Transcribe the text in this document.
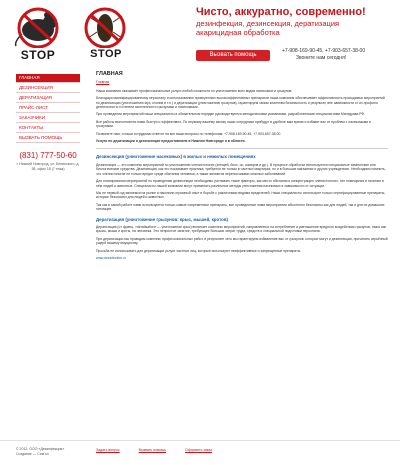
STOP	STOP
Чисто, аккуратно, современно!
дезинфекция, дезинсекция, дератизация
акарицидная обработка
Вызвать помощь
+7-908-169-90-45, +7-903-657-38-00
Звоните нам сегодня!
ГЛАВНАЯ
ДЕЗИНСЕКЦИЯ
ДЕРАТИЗАЦИЯ
ПРАЙС-ЛИСТ
ЗАКАЗЧИКИ
КОНТАКТЫ
ВЫЗВАТЬ ПОМОЩЬ
(831) 777-50-60
г. Нижний Новгород, ул. Белинского, д. 38, офис 18 (7 этаж)
ГЛАВНАЯ
Главная

Наша компания оказывает профессиональные услуги любой сложности по уничтожению всех видов насекомых и грызунов.

Благодаря квалифицированному персоналу и использованию проверенных высокоэффективных препаратов наша компания обеспечивает эффективность проводимых мероприятий по дезинсекции (уничтожению мух, клопов и т.п.) и дератизации (уничтожению грызунов), гарантируем своим клиентам безопасность и результат, вне зависимости от их профиля деятельности и степени заселенности грызунами и насекомыми.

При проведении мероприятий наши специалисты в обязательном порядке руководствуются методическими указаниями, разработанными специалистами Минздрава РФ.

Все работы выполняются нами быстро и эффективно. По первому вашему звонку наши сотрудники прибудут в удобное вам время и избавят вас от проблем с насекомыми и грызунами.

Позвоните нам, и наши сотрудники ответят на все ваши вопросы по телефонам: +7-908-169-90-45, +7-903-657-38-00

Услуги по дератизации и дезинсекции предоставляем в Нижнем Новгороде и в области.

Дезинсекция (уничтожение насекомых) в жилых и нежилых помещениях

Дезинсекция — это комплекс мероприятий по уничтожению членистоногих (клещей, блох, ос, комаров и др.). В процессе обработки используются специальные химические или биологические средства. Дезинсекция, как это показывает практика, требуется не только в частных квартирах, но и в больших магазинах и других учреждениях. Необходимо помнить, что членистоногие не только вредят среде обитания человека, а также являются переносчиками опасных заболеваний.

Для планирования мероприятий по проведению дезинсекции необходимо учитывать такие факторы, как место обитания и концентрацию членистоногих, тип помещения и наличие в нём людей и животных. Специалисты нашей компании могут применять различные методы уничтожения насекомых в зависимости от ситуации.

Мы не первый год являемся на рынке и накопили огромный опыт в борьбе с различными видами вредителей. Наши специалисты используют только сертифицированные препараты, которые безопасны для людей и животных.

Так как в самой работе нами используются только самые современные препараты, все проведенные нами мероприятия абсолютно безопасны как для людей, так и для их домашних питомцев.

Дератизация (уничтожение грызунов: крыс, мышей, кротов)

Дератизация (от франц. «dératisation» — уничтожение крыс) включает комплекс мероприятий, направленных на истребление и уменьшение вредного воздействия грызунов, таких как крысы, мыши и кроты, на человека. Это непростое занятие, требующее больших затрат труда, средств и специальной подготовки персонала.

При дератизации мы проводим комплекс профессиональных работ, в результате чего мы гарантируем избавление вас от грызунов, которые могут и дезинсекции, причинять серьёзный ущерб вашему имуществу.

Просьба не использовать для дератизации услуги частных лиц, которые используют неэффективные и запрещенные препараты.

www.dezinfection.ru

© 2012, ООО «Дезинфекция»
Создание — Сим'ол
Задать вопрос	Вызвать помощь	Оформить заказ
